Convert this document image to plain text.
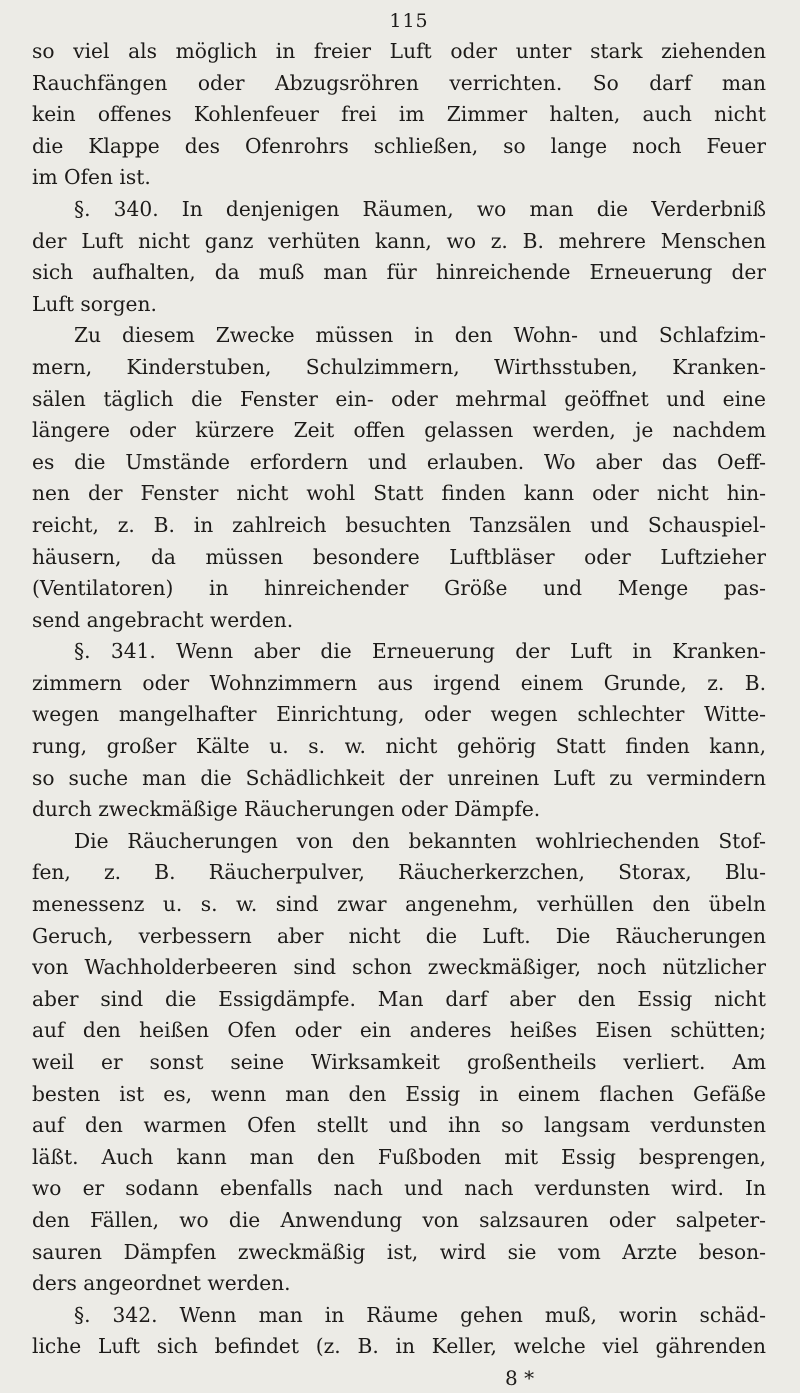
115
so viel als möglich in freier Luft oder unter stark ziehenden
Rauchfängen oder Abzugsröhren verrichten. So darf man
kein offenes Kohlenfeuer frei im Zimmer halten, auch nicht
die Klappe des Ofenrohrs schließen, so lange noch Feuer
im Ofen ist.
§. 340. In denjenigen Räumen, wo man die Verderbniß
der Luft nicht ganz verhüten kann, wo z. B. mehrere Menschen
sich aufhalten, da muß man für hinreichende Erneuerung der
Luft sorgen.
Zu diesem Zwecke müssen in den Wohn- und Schlafzim-
mern, Kinderstuben, Schulzimmern, Wirthsstuben, Kranken-
sälen täglich die Fenster ein- oder mehrmal geöffnet und eine
längere oder kürzere Zeit offen gelassen werden, je nachdem
es die Umstände erfordern und erlauben. Wo aber das Oeff-
nen der Fenster nicht wohl Statt finden kann oder nicht hin-
reicht, z. B. in zahlreich besuchten Tanzsälen und Schauspiel-
häusern, da müssen besondere Luftbläser oder Luftzieher
(Ventilatoren) in hinreichender Größe und Menge pas-
send angebracht werden.
§. 341. Wenn aber die Erneuerung der Luft in Kranken-
zimmern oder Wohnzimmern aus irgend einem Grunde, z. B.
wegen mangelhafter Einrichtung, oder wegen schlechter Witte-
rung, großer Kälte u. s. w. nicht gehörig Statt finden kann,
so suche man die Schädlichkeit der unreinen Luft zu vermindern
durch zweckmäßige Räucherungen oder Dämpfe.
Die Räucherungen von den bekannten wohlriechenden Stof-
fen, z. B. Räucherpulver, Räucherkerzchen, Storax, Blu-
menessenz u. s. w. sind zwar angenehm, verhüllen den übeln
Geruch, verbessern aber nicht die Luft. Die Räucherungen
von Wachholderbeeren sind schon zweckmäßiger, noch nützlicher
aber sind die Essigdämpfe. Man darf aber den Essig nicht
auf den heißen Ofen oder ein anderes heißes Eisen schütten;
weil er sonst seine Wirksamkeit großentheils verliert. Am
besten ist es, wenn man den Essig in einem flachen Gefäße
auf den warmen Ofen stellt und ihn so langsam verdunsten
läßt. Auch kann man den Fußboden mit Essig besprengen,
wo er sodann ebenfalls nach und nach verdunsten wird. In
den Fällen, wo die Anwendung von salzsauren oder salpeter-
sauren Dämpfen zweckmäßig ist, wird sie vom Arzte beson-
ders angeordnet werden.
§. 342. Wenn man in Räume gehen muß, worin schäd-
liche Luft sich befindet (z. B. in Keller, welche viel gährenden
8 *
